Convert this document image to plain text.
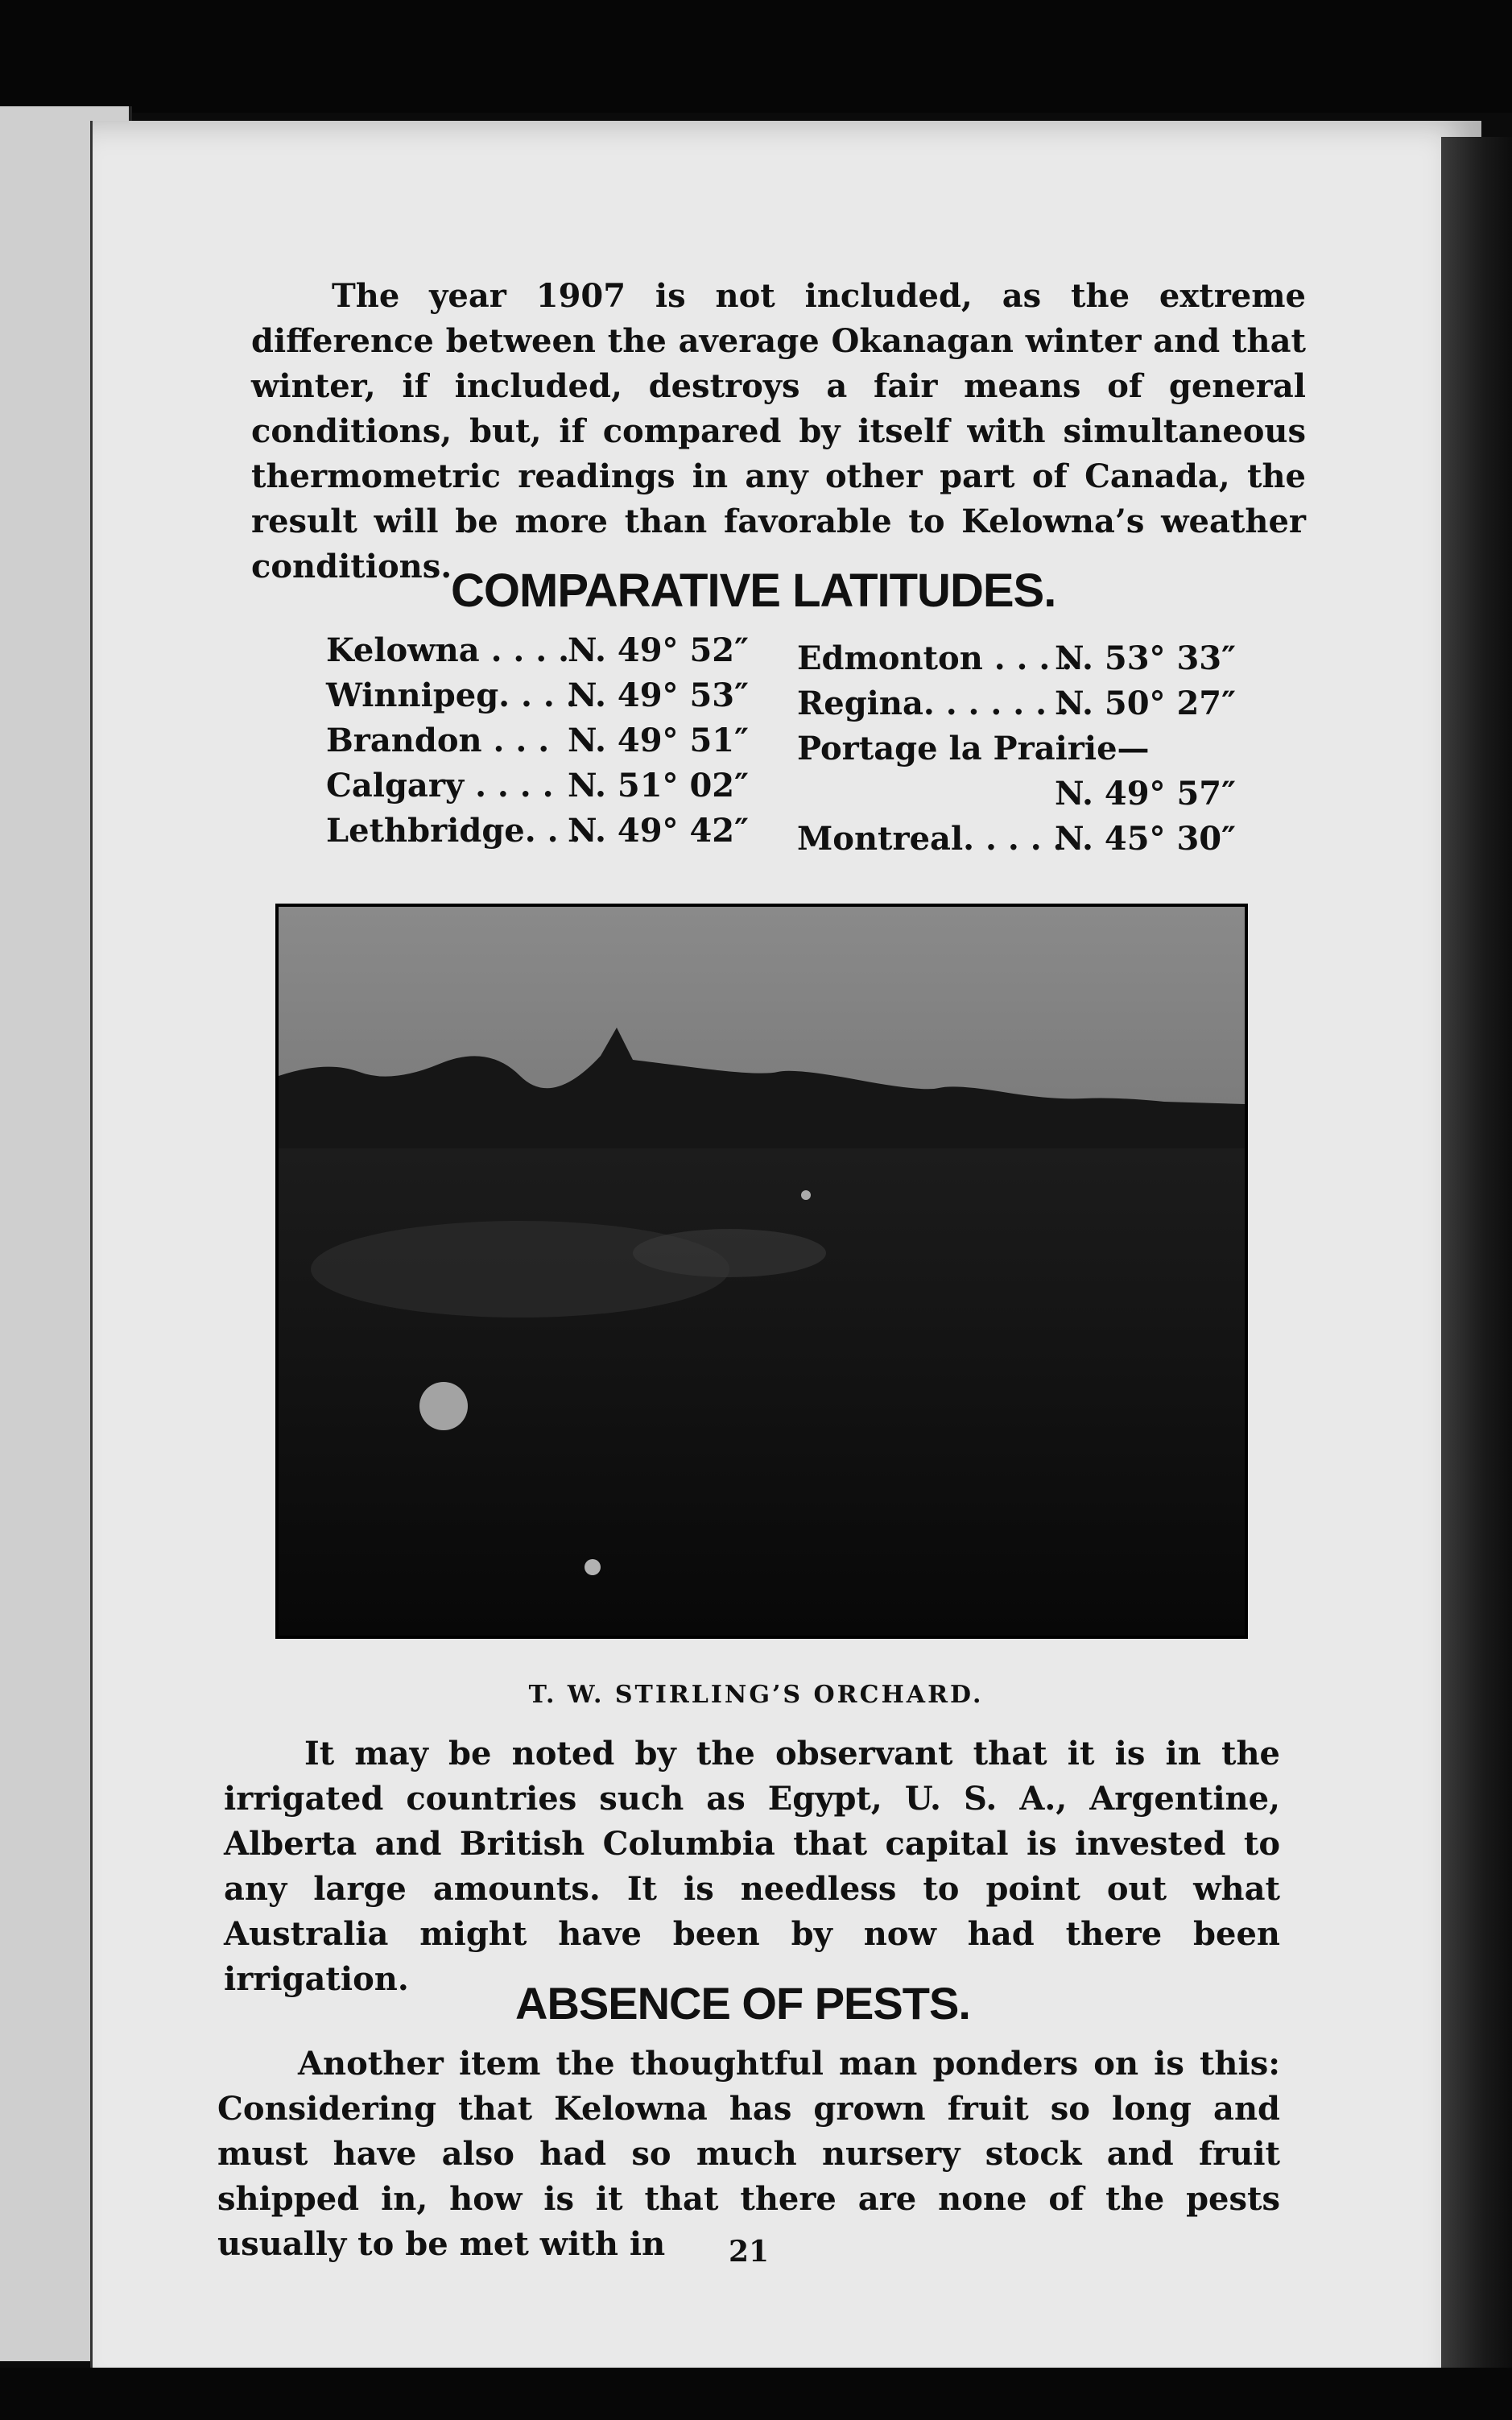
The year 1907 is not included, as the extreme difference between the average Okanagan winter and that winter, if included, destroys a fair means of general conditions, but, if compared by itself with simultaneous thermometric readings in any other part of Canada, the result will be more than favorable to Kelowna’s weather conditions.

COMPARATIVE LATITUDES.
Kelowna . . . .N. 49° 52″
Winnipeg. . . .N. 49° 53″
Brandon . . . N. 49° 51″
Calgary . . . . N. 51° 02″
Lethbridge. . .N. 49° 42″
Edmonton . . . .N. 53° 33″
Regina. . . . . . .N. 50° 27″
Portage la Prairie—
N. 49° 57″
Montreal. . . . .N. 45° 30″
T. W. STIRLING’S ORCHARD.

It may be noted by the observant that it is in the irrigated countries such as Egypt, U. S. A., Argentine, Alberta and British Columbia that capital is invested to any large amounts. It is needless to point out what Australia might have been by now had there been irrigation.	ABSENCE OF PESTS.

Another item the thoughtful man ponders on is this: Considering that Kelowna has grown fruit so long and must have also had so much nursery stock and fruit shipped in, how is it that there are none of the pests usually to be met with in	21
